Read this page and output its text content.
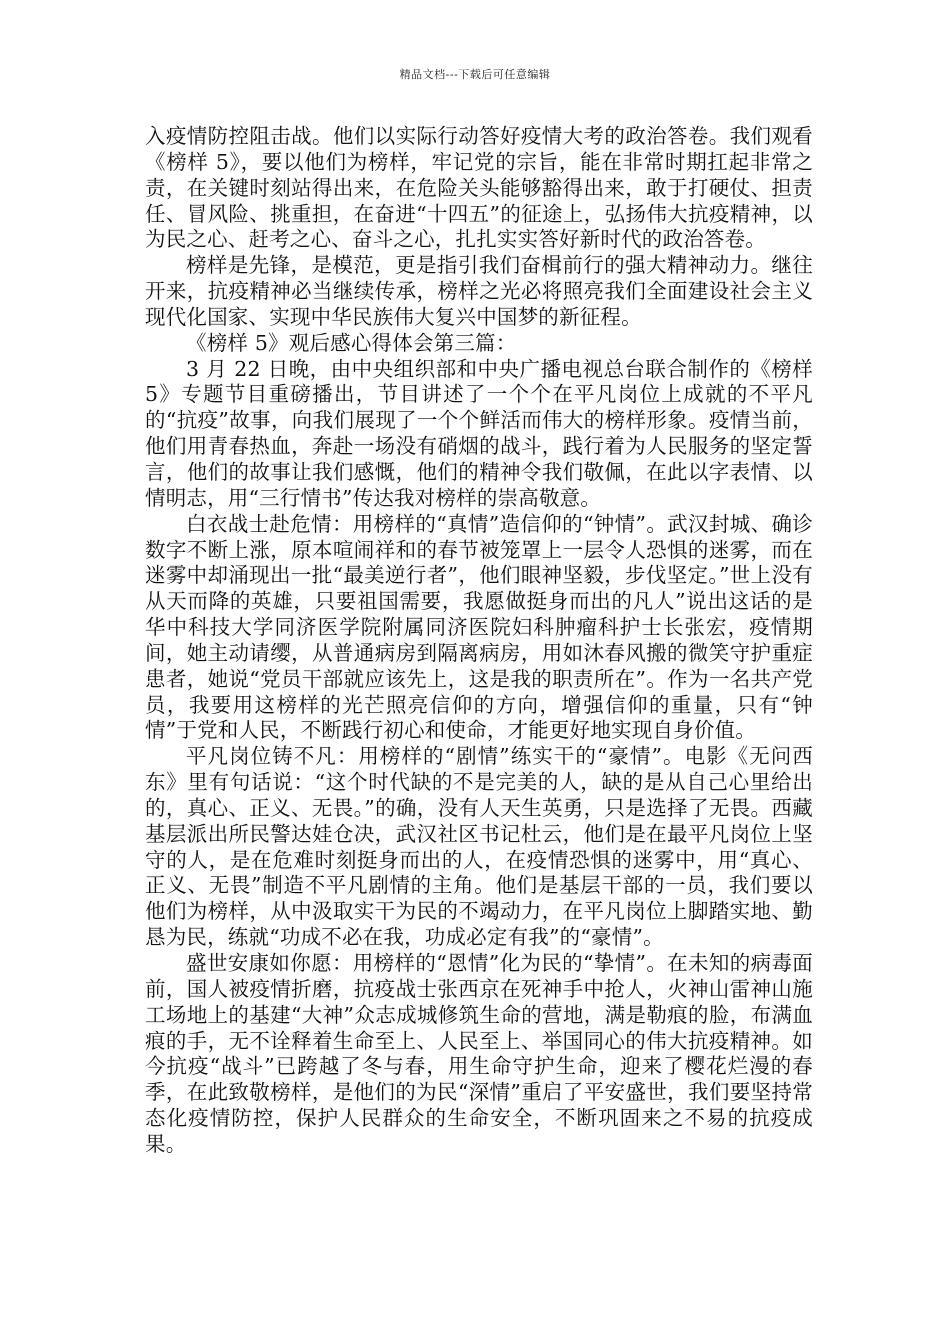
精品文档---下载后可任意编辑

入疫情防控阻击战。他们以实际行动答好疫情大考的政治答卷。我们观看《榜样 5》，要以他们为榜样，牢记党的宗旨，能在非常时期扛起非常之责，在关键时刻站得出来，在危险关头能够豁得出来，敢于打硬仗、担责任、冒风险、挑重担，在奋进“十四五”的征途上，弘扬伟大抗疫精神，以为民之心、赶考之心、奋斗之心，扎扎实实答好新时代的政治答卷。

榜样是先锋，是模范，更是指引我们奋楫前行的强大精神动力。继往开来，抗疫精神必当继续传承，榜样之光必将照亮我们全面建设社会主义现代化国家、实现中华民族伟大复兴中国梦的新征程。

《榜样 5》观后感心得体会第三篇：

3 月 22 日晚，由中央组织部和中央广播电视总台联合制作的《榜样 5》专题节目重磅播出，节目讲述了一个个在平凡岗位上成就的不平凡的“抗疫”故事，向我们展现了一个个鲜活而伟大的榜样形象。疫情当前，他们用青春热血，奔赴一场没有硝烟的战斗，践行着为人民服务的坚定誓言，他们的故事让我们感慨，他们的精神令我们敬佩，在此以字表情、以情明志，用“三行情书”传达我对榜样的崇高敬意。

白衣战士赴危情：用榜样的“真情”造信仰的“钟情”。武汉封城、确诊数字不断上涨，原本喧闹祥和的春节被笼罩上一层令人恐惧的迷雾，而在迷雾中却涌现出一批“最美逆行者”，他们眼神坚毅，步伐坚定。”世上没有从天而降的英雄，只要祖国需要，我愿做挺身而出的凡人”说出这话的是华中科技大学同济医学院附属同济医院妇科肿瘤科护士长张宏，疫情期间，她主动请缨，从普通病房到隔离病房，用如沐春风搬的微笑守护重症患者，她说“党员干部就应该先上，这是我的职责所在”。作为一名共产党员，我要用这榜样的光芒照亮信仰的方向，增强信仰的重量，只有“钟情”于党和人民，不断践行初心和使命，才能更好地实现自身价值。

平凡岗位铸不凡：用榜样的“剧情”练实干的“豪情”。电影《无问西东》里有句话说：“这个时代缺的不是完美的人，缺的是从自己心里给出的，真心、正义、无畏。”的确，没有人天生英勇，只是选择了无畏。西藏基层派出所民警达娃仓决，武汉社区书记杜云，他们是在最平凡岗位上坚守的人，是在危难时刻挺身而出的人，在疫情恐惧的迷雾中，用“真心、正义、无畏”制造不平凡剧情的主角。他们是基层干部的一员，我们要以他们为榜样，从中汲取实干为民的不竭动力，在平凡岗位上脚踏实地、勤恳为民，练就“功成不必在我，功成必定有我”的“豪情”。

盛世安康如你愿：用榜样的“恩情”化为民的“挚情”。在未知的病毒面前，国人被疫情折磨，抗疫战士张西京在死神手中抢人，火神山雷神山施工场地上的基建“大神”众志成城修筑生命的营地，满是勒痕的脸，布满血痕的手，无不诠释着生命至上、人民至上、举国同心的伟大抗疫精神。如今抗疫“战斗”已跨越了冬与春，用生命守护生命，迎来了樱花烂漫的春季，在此致敬榜样，是他们的为民“深情”重启了平安盛世，我们要坚持常态化疫情防控，保护人民群众的生命安全，不断巩固来之不易的抗疫成果。
